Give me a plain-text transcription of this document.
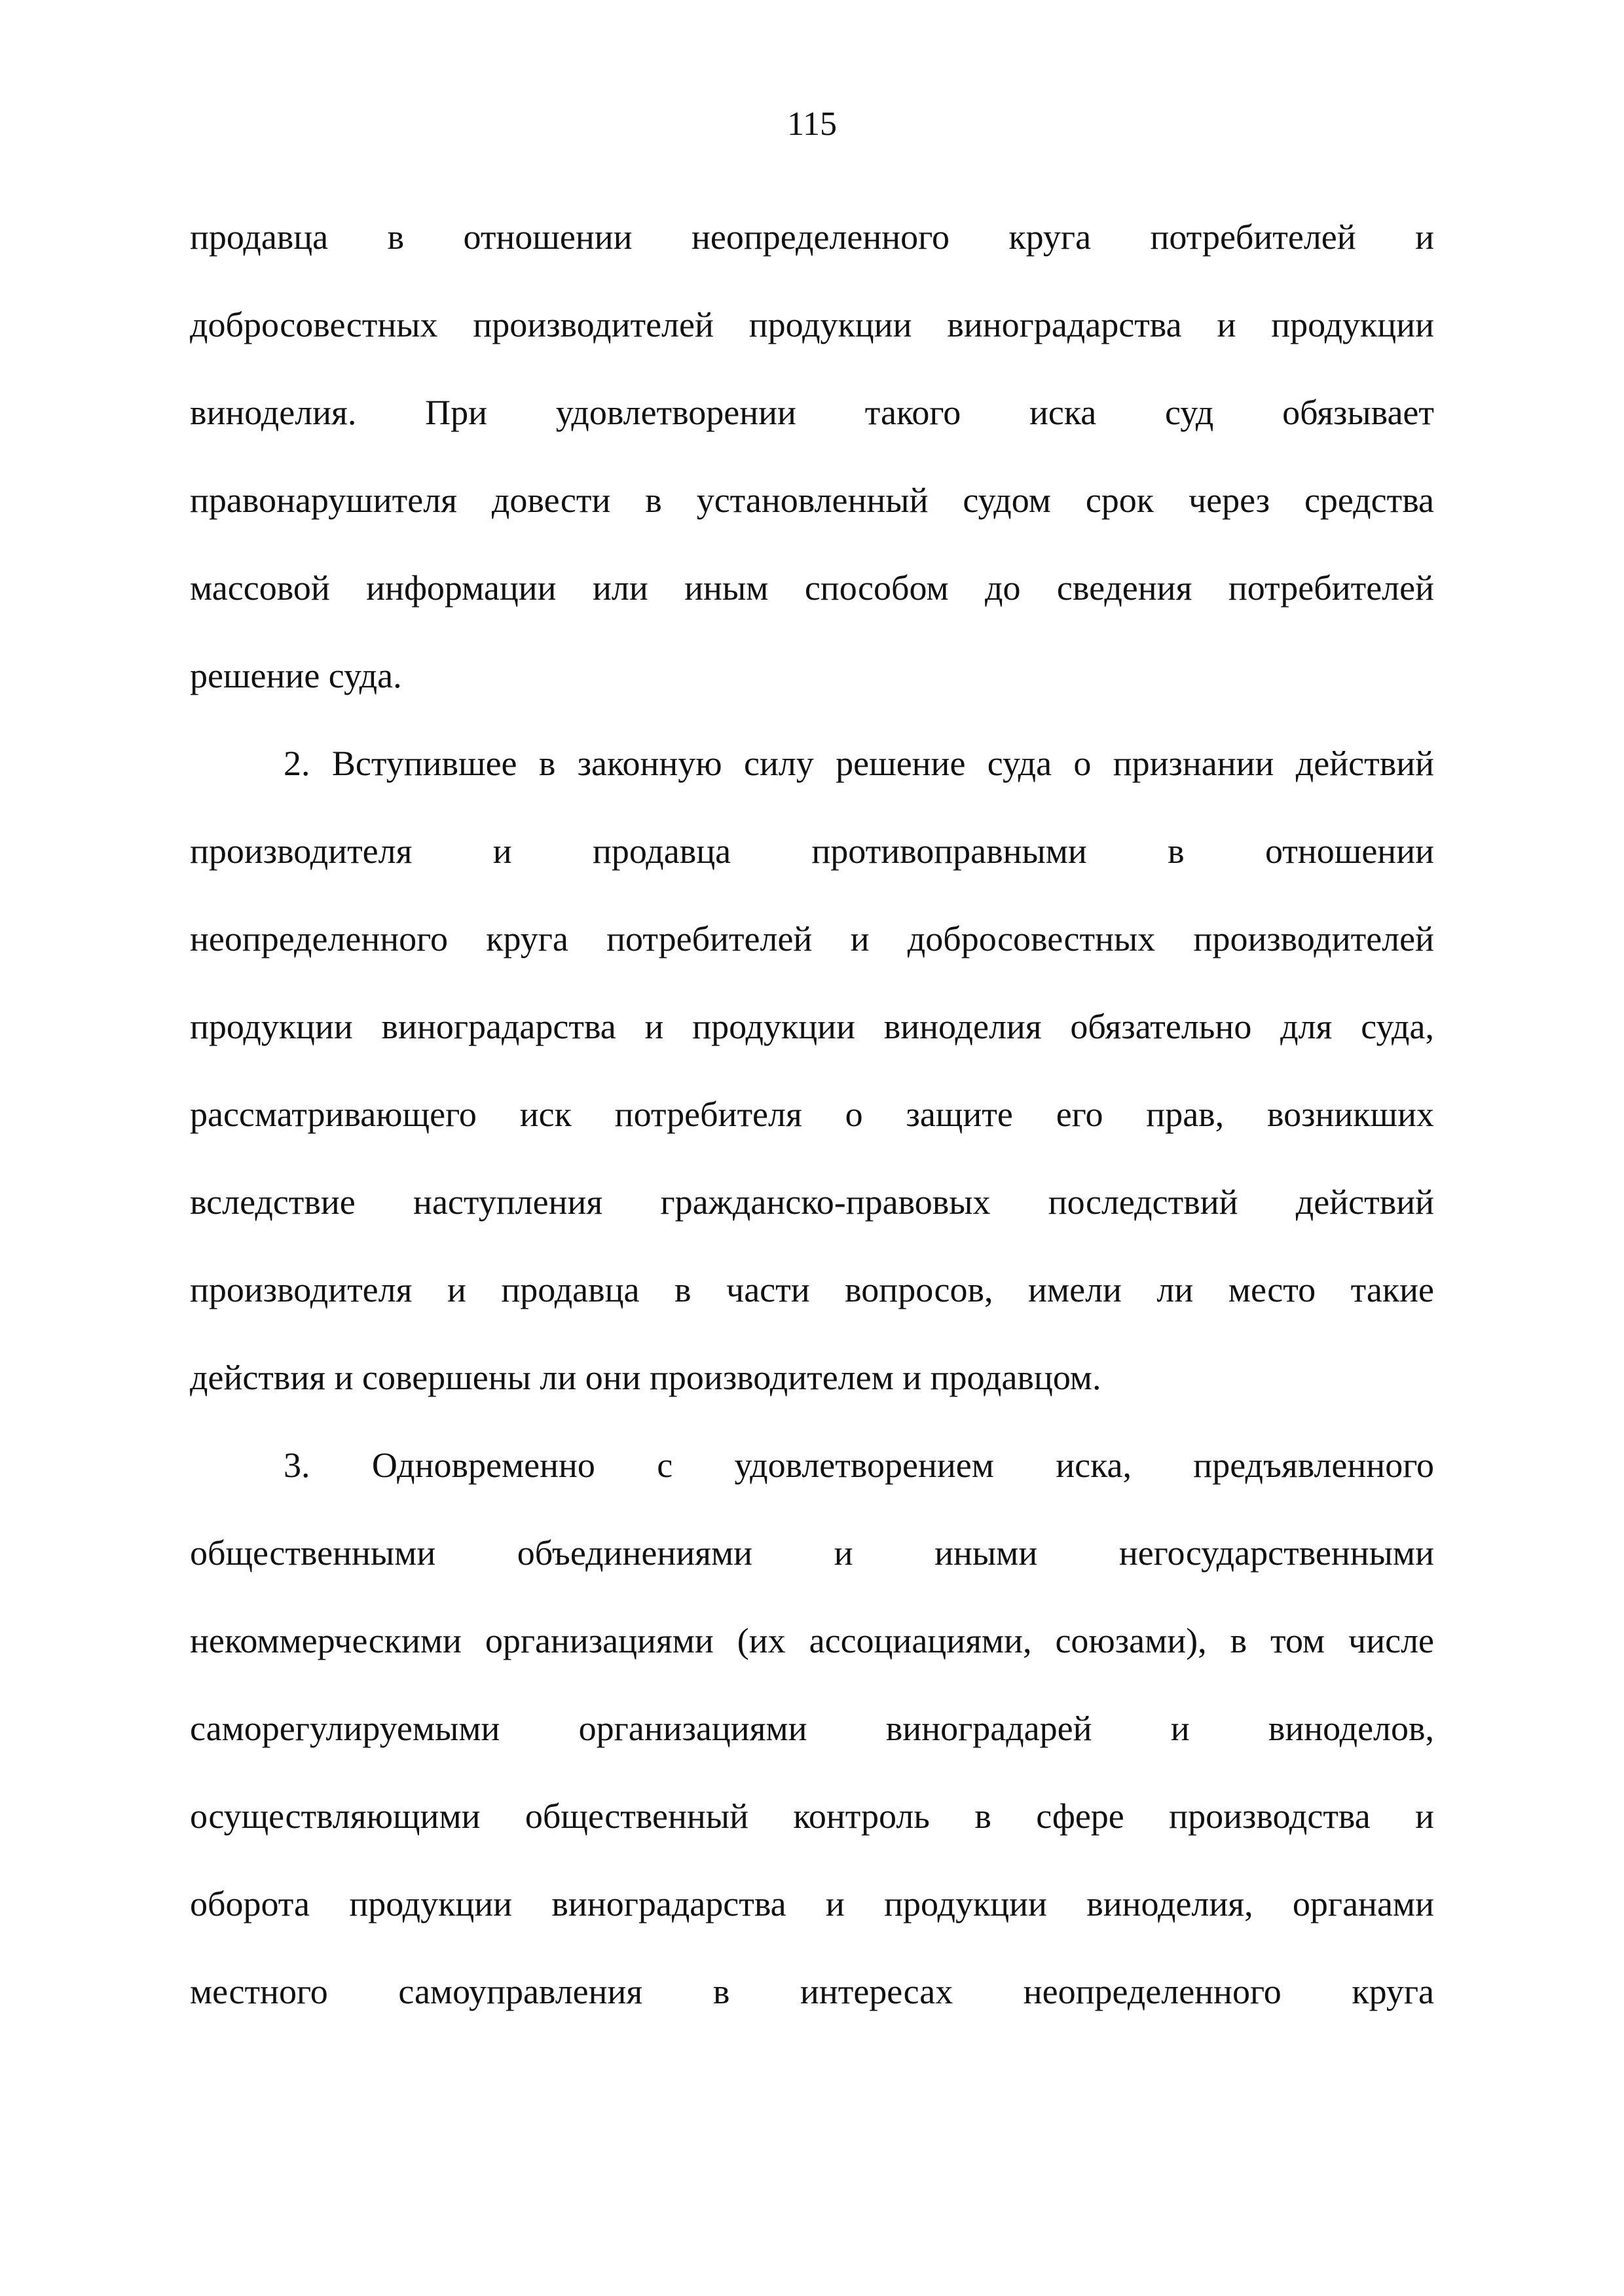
115
продавца в отношении неопределенного круга потребителей и
добросовестных производителей продукции виноградарства и продукции
виноделия. При удовлетворении такого иска суд обязывает
правонарушителя довести в установленный судом срок через средства
массовой информации или иным способом до сведения потребителей
решение суда.
2. Вступившее в законную силу решение суда о признании действий
производителя и продавца противоправными в отношении
неопределенного круга потребителей и добросовестных производителей
продукции виноградарства и продукции виноделия обязательно для суда,
рассматривающего иск потребителя о защите его прав, возникших
вследствие наступления гражданско-правовых последствий действий
производителя и продавца в части вопросов, имели ли место такие
действия и совершены ли они производителем и продавцом.
3. Одновременно с удовлетворением иска, предъявленного
общественными объединениями и иными негосударственными
некоммерческими организациями (их ассоциациями, союзами), в том числе
саморегулируемыми организациями виноградарей и виноделов,
осуществляющими общественный контроль в сфере производства и
оборота продукции виноградарства и продукции виноделия, органами
местного самоуправления в интересах неопределенного круга
